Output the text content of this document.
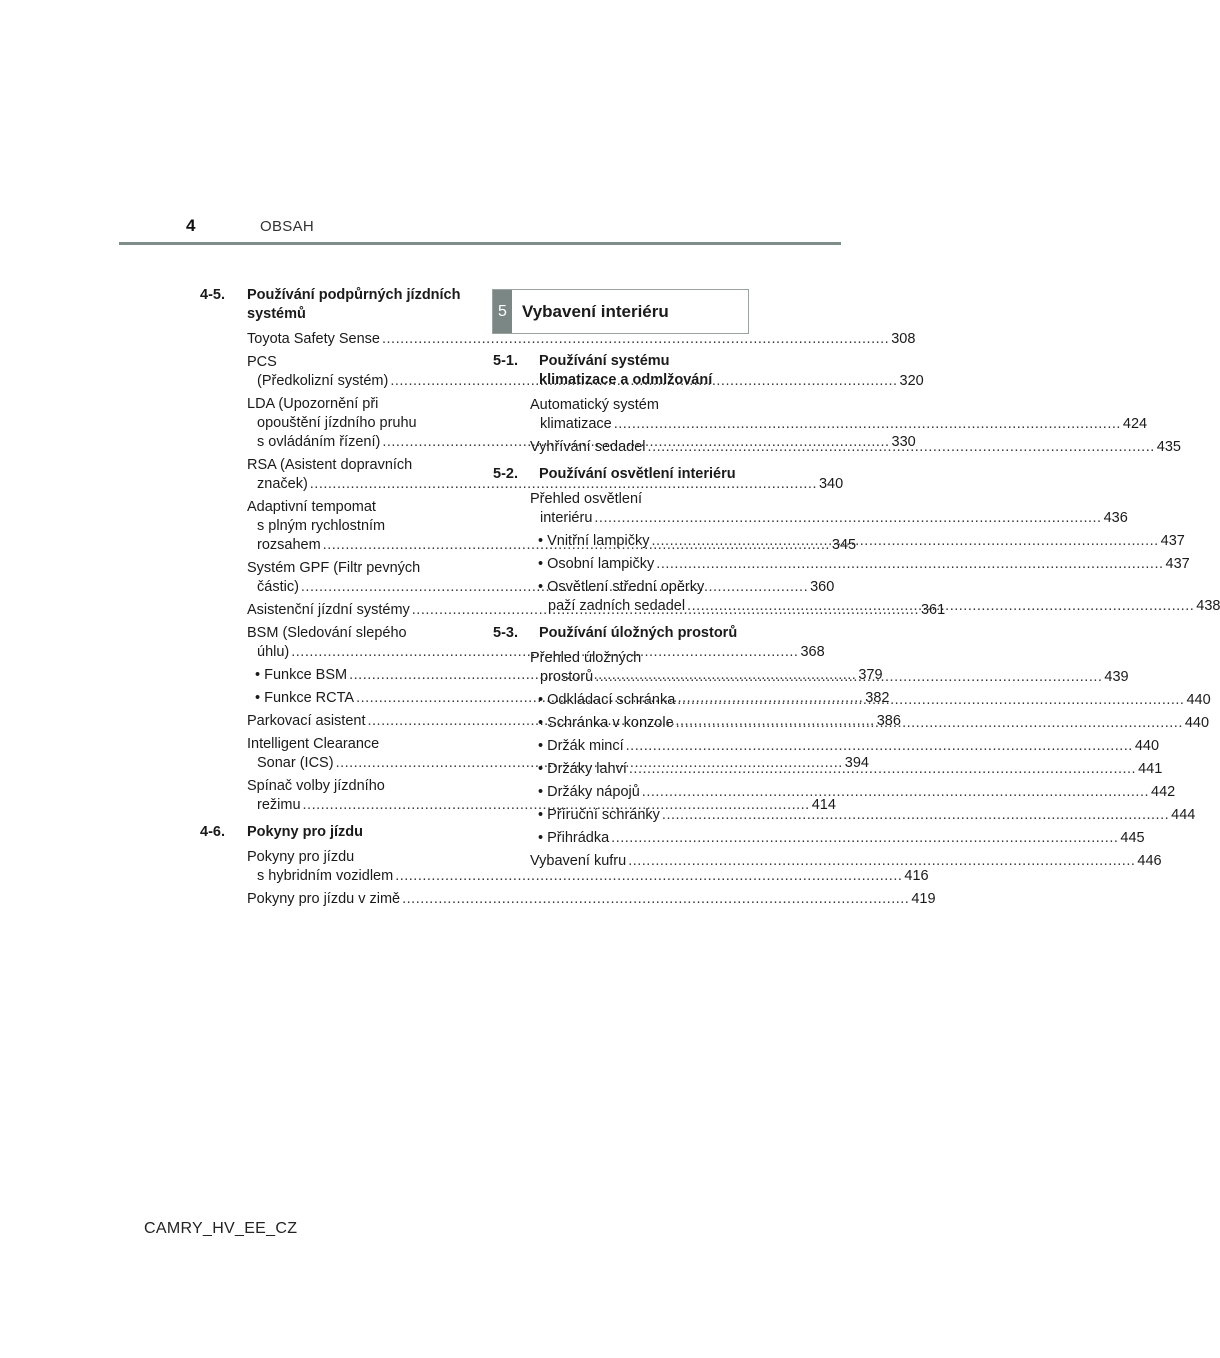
4	OBSAH
4-5.	Používání podpůrných jízdních systémů
Toyota Safety Sense .....	308
PCS
(Předkolizní systém) .....	320
LDA (Upozornění při
opouštění jízdního pruhu
s ovládáním řízení) .....	330
RSA (Asistent dopravních
značek) .....	340
Adaptivní tempomat
s plným rychlostním
rozsahem .....	345
Systém GPF (Filtr pevných
částic) .....	360
Asistenční jízdní systémy .....	361
BSM (Sledování slepého
úhlu) .....	368
• Funkce BSM .....	379
• Funkce RCTA .....	382
Parkovací asistent .....	386
Intelligent Clearance
Sonar (ICS) .....	394
Spínač volby jízdního
režimu .....	414
4-6.	Pokyny pro jízdu
Pokyny pro jízdu
s hybridním vozidlem .....	416
Pokyny pro jízdu v zimě .....	419
5 Vybavení interiéru
5-1.	Používání systému klimatizace a odmlžování
Automatický systém
klimatizace .....	424
Vyhřívání sedadel .....	435
5-2.	Používání osvětlení interiéru
Přehled osvětlení
interiéru .....	436
• Vnitřní lampičky .....	437
• Osobní lampičky .....	437
• Osvětlení střední opěrky
paží zadních sedadel .....	438
5-3.	Používání úložných prostorů
Přehled úložných
prostorů .....	439
• Odkládací schránka .....	440
• Schránka v konzole .....	440
• Držák mincí .....	440
• Držáky lahví .....	441
• Držáky nápojů .....	442
• Příruční schránky .....	444
• Přihrádka .....	445
Vybavení kufru .....	446
CAMRY_HV_EE_CZ
